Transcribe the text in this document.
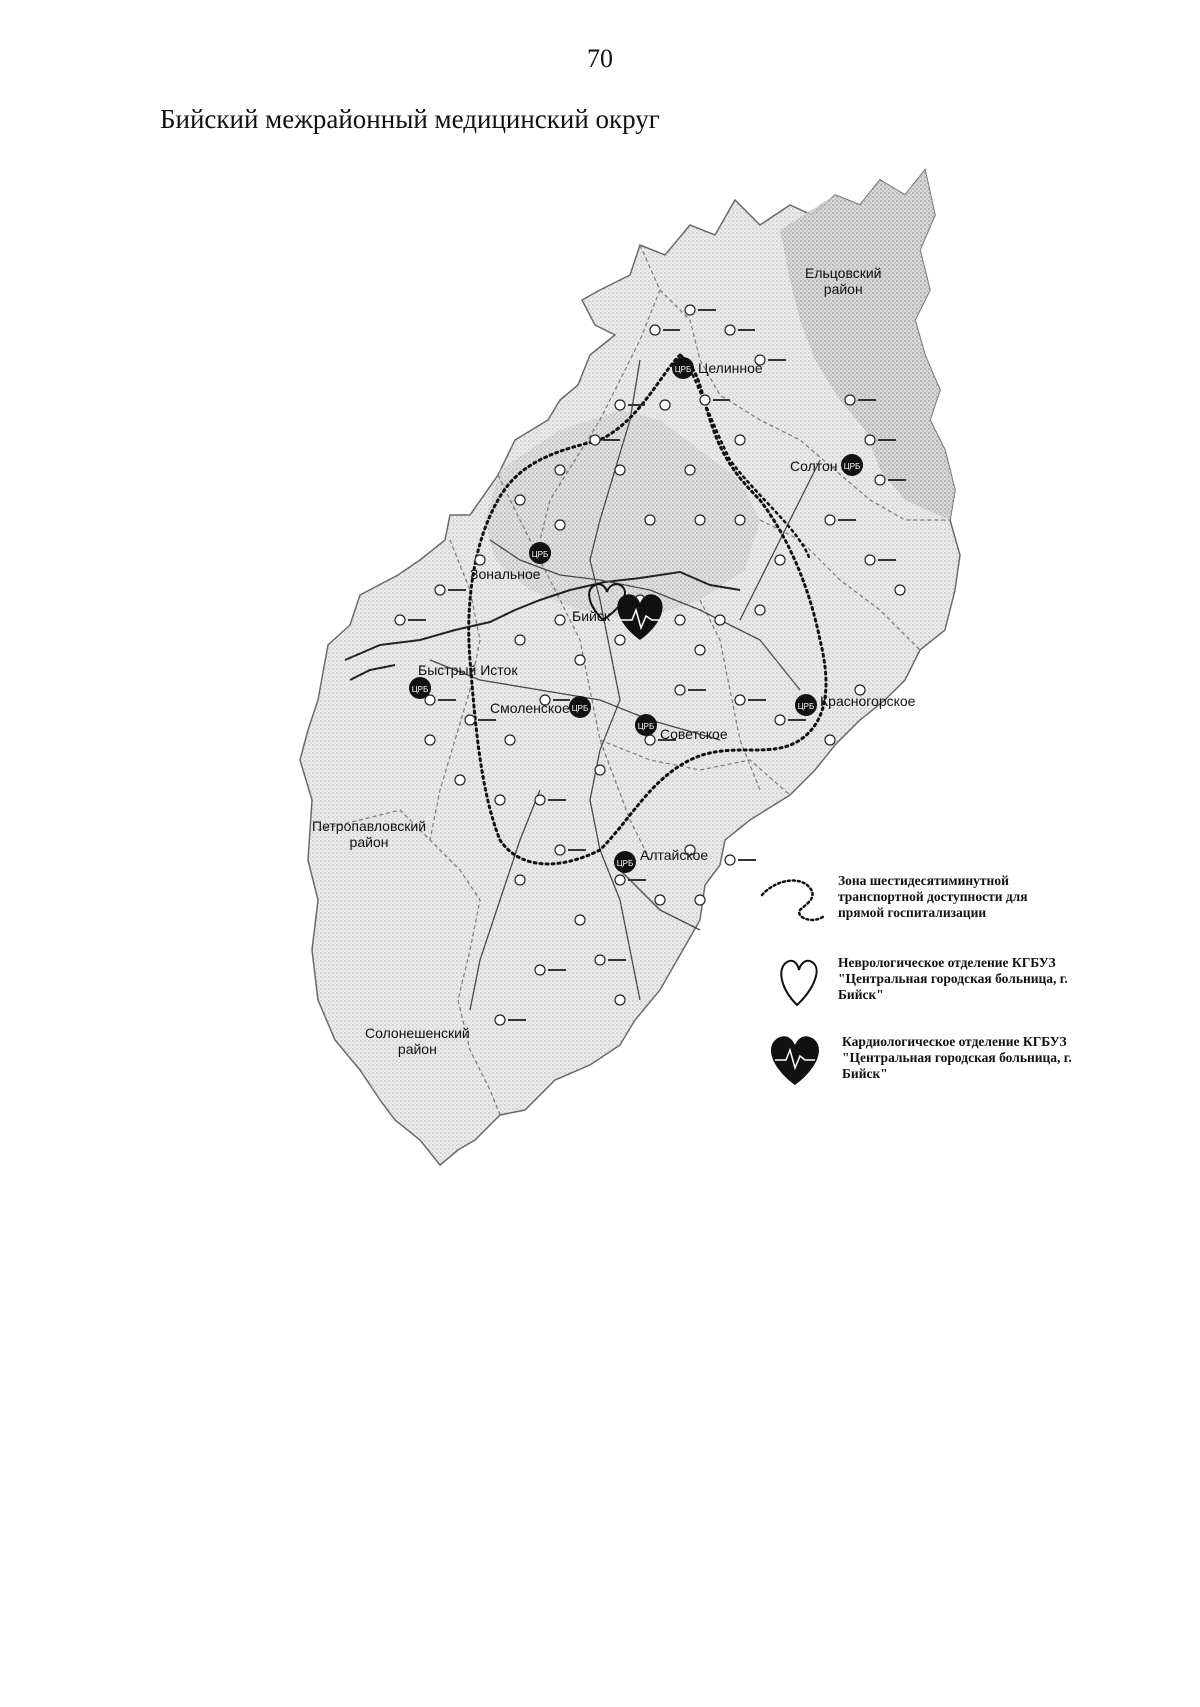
70
Бийский межрайонный медицинский округ
ЦРБ
ЦРБ
ЦРБ
ЦРБ
ЦРБ
ЦРБ
ЦРБ
ЦРБ
Ельцовский
район
Петропавловский
район
Солонешенский
район
Целинное
Солтон
Зональное
Бийск
Быстрый Исток
Смоленское
Советское
Красногорское
Алтайское
Зона шестидесятиминутной транспортной доступности для прямой госпитализации
Неврологическое отделение КГБУЗ "Центральная городская больница, г. Бийск"
Кардиологическое отделение КГБУЗ "Центральная городская больница, г. Бийск"
